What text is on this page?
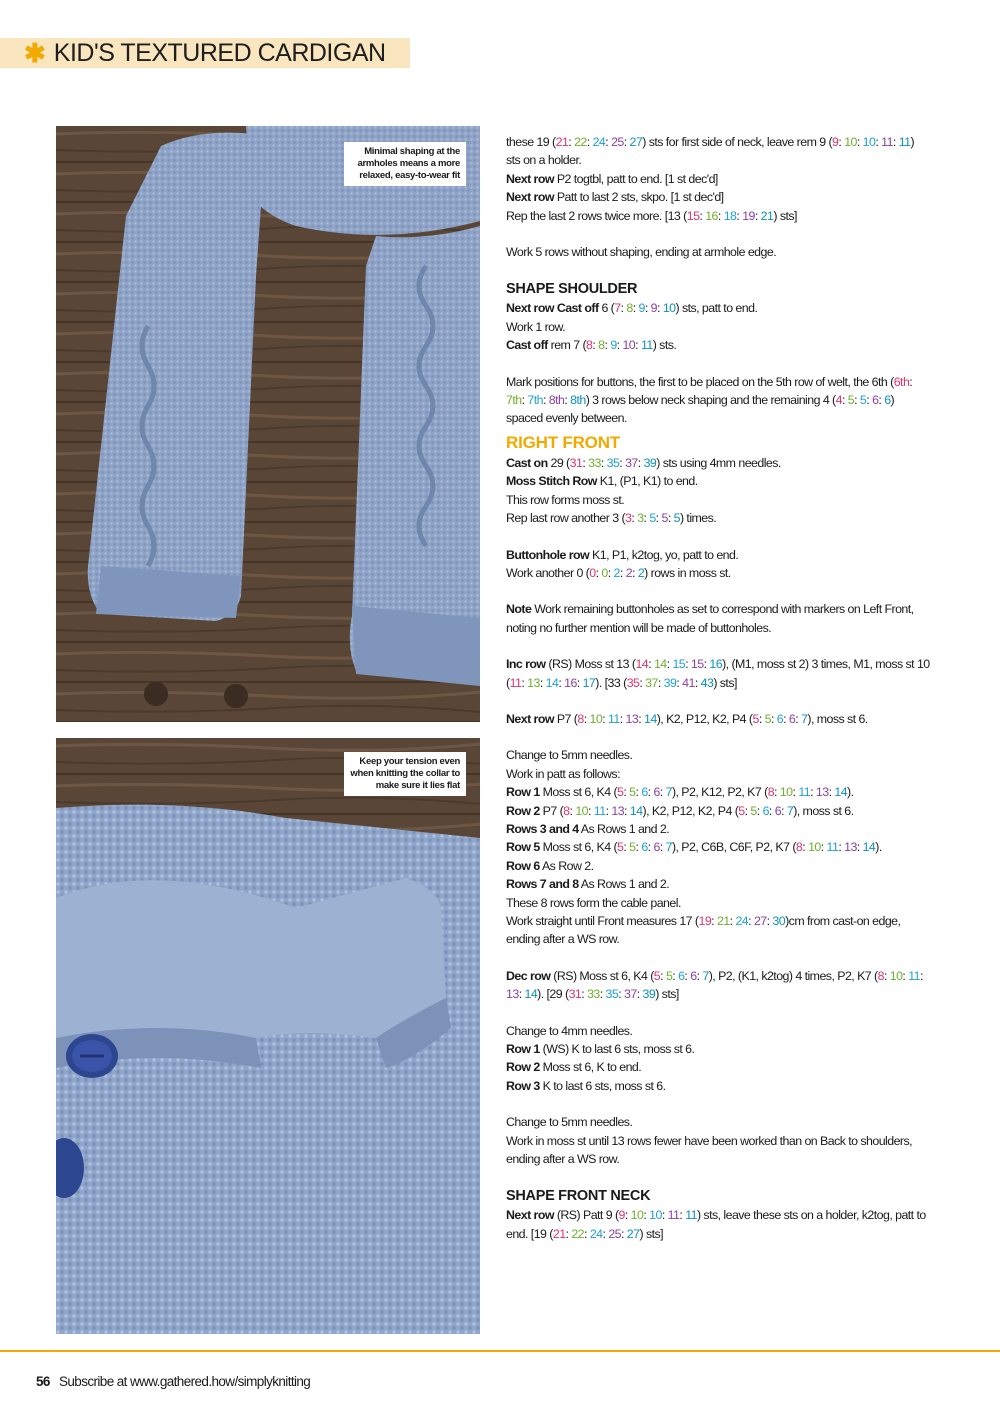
✱ KID'S TEXTURED CARDIGAN
Minimal shaping at the armholes means a more relaxed, easy-to-wear fit
Keep your tension even when knitting the collar to make sure it lies flat

these 19 (21: 22: 24: 25: 27) sts for first side of neck, leave rem 9 (9: 10: 10: 11: 11) sts on a holder.

Next row P2 togtbl, patt to end. [1 st dec'd]

Next row Patt to last 2 sts, skpo. [1 st dec'd]

Rep the last 2 rows twice more. [13 (15: 16: 18: 19: 21) sts]

Work 5 rows without shaping, ending at armhole edge.

SHAPE SHOULDER

Next row Cast off 6 (7: 8: 9: 9: 10) sts, patt to end.

Work 1 row.

Cast off rem 7 (8: 8: 9: 10: 11) sts.

Mark positions for buttons, the first to be placed on the 5th row of welt, the 6th (6th: 7th: 7th: 8th: 8th) 3 rows below neck shaping and the remaining 4 (4: 5: 5: 6: 6) spaced evenly between.

RIGHT FRONT

Cast on 29 (31: 33: 35: 37: 39) sts using 4mm needles.

Moss Stitch Row K1, (P1, K1) to end.

This row forms moss st.

Rep last row another 3 (3: 3: 5: 5: 5) times.

Buttonhole row K1, P1, k2tog, yo, patt to end.

Work another 0 (0: 0: 2: 2: 2) rows in moss st.

Note Work remaining buttonholes as set to correspond with markers on Left Front, noting no further mention will be made of buttonholes.

Inc row (RS) Moss st 13 (14: 14: 15: 15: 16), (M1, moss st 2) 3 times, M1, moss st 10 (11: 13: 14: 16: 17). [33 (35: 37: 39: 41: 43) sts]

Next row P7 (8: 10: 11: 13: 14), K2, P12, K2, P4 (5: 5: 6: 6: 7), moss st 6.

Change to 5mm needles.

Work in patt as follows:

Row 1 Moss st 6, K4 (5: 5: 6: 6: 7), P2, K12, P2, K7 (8: 10: 11: 13: 14).

Row 2 P7 (8: 10: 11: 13: 14), K2, P12, K2, P4 (5: 5: 6: 6: 7), moss st 6.

Rows 3 and 4 As Rows 1 and 2.

Row 5 Moss st 6, K4 (5: 5: 6: 6: 7), P2, C6B, C6F, P2, K7 (8: 10: 11: 13: 14).

Row 6 As Row 2.

Rows 7 and 8 As Rows 1 and 2.

These 8 rows form the cable panel.

Work straight until Front measures 17 (19: 21: 24: 27: 30)cm from cast-on edge, ending after a WS row.

Dec row (RS) Moss st 6, K4 (5: 5: 6: 6: 7), P2, (K1, k2tog) 4 times, P2, K7 (8: 10: 11: 13: 14). [29 (31: 33: 35: 37: 39) sts]

Change to 4mm needles.

Row 1 (WS) K to last 6 sts, moss st 6.

Row 2 Moss st 6, K to end.

Row 3 K to last 6 sts, moss st 6.

Change to 5mm needles.

Work in moss st until 13 rows fewer have been worked than on Back to shoulders, ending after a WS row.

SHAPE FRONT NECK

Next row (RS) Patt 9 (9: 10: 10: 11: 11) sts, leave these sts on a holder, k2tog, patt to end. [19 (21: 22: 24: 25: 27) sts]

56 Subscribe at www.gathered.how/simplyknitting
